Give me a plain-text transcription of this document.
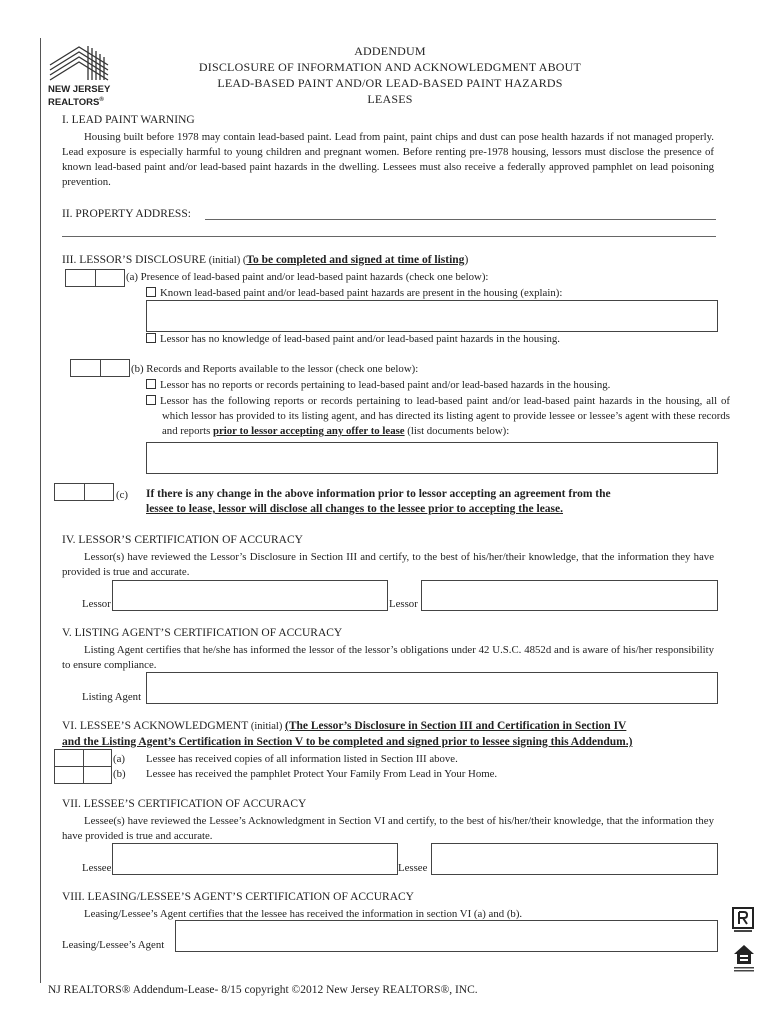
NEW JERSEY
REALTORS®
ADDENDUM
DISCLOSURE OF INFORMATION AND ACKNOWLEDGMENT ABOUT
LEAD-BASED PAINT AND/OR LEAD-BASED PAINT HAZARDS
LEASES
I. LEAD PAINT WARNING
Housing built before 1978 may contain lead-based paint. Lead from paint, paint chips and dust can pose health hazards if not managed properly. Lead exposure is especially harmful to young children and pregnant women. Before renting pre-1978 housing, lessors must disclose the presence of known lead-based paint and/or lead-based paint hazards in the dwelling. Lessees must also receive a federally approved pamphlet on lead poisoning prevention.
II. PROPERTY ADDRESS:
III. LESSOR’S DISCLOSURE (initial) (To be completed and signed at time of listing)
(a) Presence of lead-based paint and/or lead-based paint hazards (check one below):
Known lead-based paint and/or lead-based paint hazards are present in the housing (explain):
Lessor has no knowledge of lead-based paint and/or lead-based paint hazards in the housing.
(b) Records and Reports available to the lessor (check one below):
Lessor has no reports or records pertaining to lead-based paint and/or lead-based hazards in the housing.
Lessor has the following reports or records pertaining to lead-based paint and/or lead-based paint hazards in the housing, all of which lessor has provided to its listing agent, and has directed its listing agent to provide lessee or lessee’s agent with these records and reports prior to lessor accepting any offer to lease (list documents below):
(c) If there is any change in the above information prior to lessor accepting an agreement from the
lessee to lease, lessor will disclose all changes to the lessee prior to accepting the lease.
IV. LESSOR’S CERTIFICATION OF ACCURACY
Lessor(s) have reviewed the Lessor’s Disclosure in Section III and certify, to the best of his/her/their knowledge, that the information they have provided is true and accurate.
Lessor	Lessor
V. LISTING AGENT’S CERTIFICATION OF ACCURACY
Listing Agent certifies that he/she has informed the lessor of the lessor’s obligations under 42 U.S.C. 4852d and is aware of his/her responsibility to ensure compliance.
Listing Agent
VI. LESSEE’S ACKNOWLEDGMENT (initial) (The Lessor’s Disclosure in Section III and Certification in Section IV
and the Listing Agent’s Certification in Section V to be completed and signed prior to lessee signing this Addendum.)
(a) Lessee has received copies of all information listed in Section III above.
(b) Lessee has received the pamphlet Protect Your Family From Lead in Your Home.
VII. LESSEE’S CERTIFICATION OF ACCURACY
Lessee(s) have reviewed the Lessee’s Acknowledgment in Section VI and certify, to the best of his/her/their knowledge, that the information they have provided is true and accurate.
Lessee	Lessee
VIII. LEASING/LESSEE’S AGENT’S CERTIFICATION OF ACCURACY
Leasing/Lessee’s Agent certifies that the lessee has received the information in section VI (a) and (b).
Leasing/Lessee’s Agent
NJ REALTORS® Addendum-Lease- 8/15 copyright ©2012 New Jersey REALTORS®, INC.
